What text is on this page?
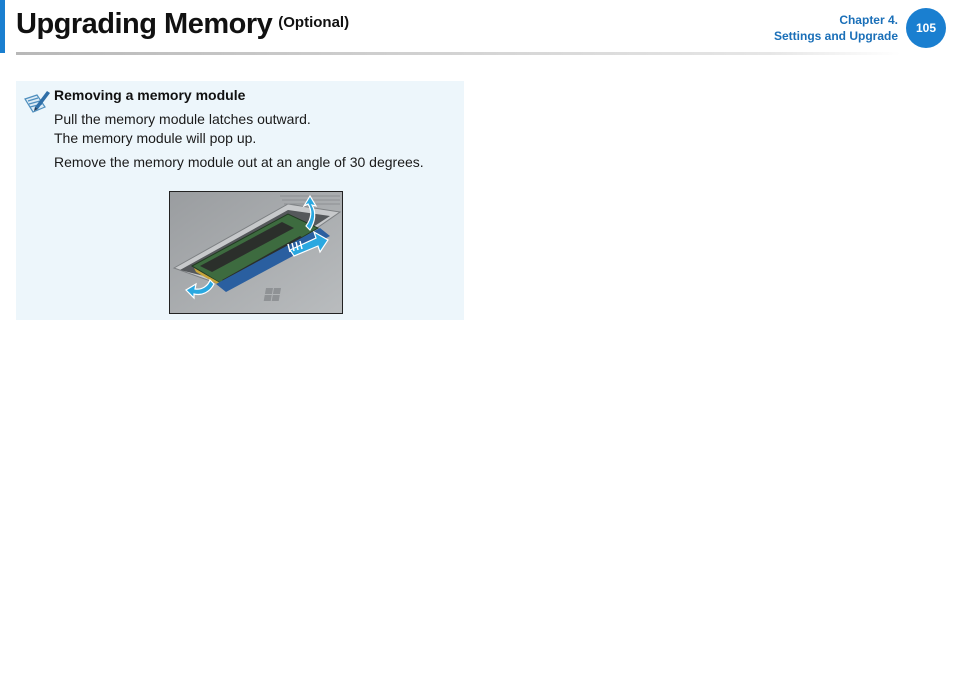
Upgrading Memory $^{(Optional)}$	Chapter 4.
Settings and Upgrade
105
Removing a memory module
Pull the memory module latches outward.
The memory module will pop up.
Remove the memory module out at an angle of 30 degrees.
